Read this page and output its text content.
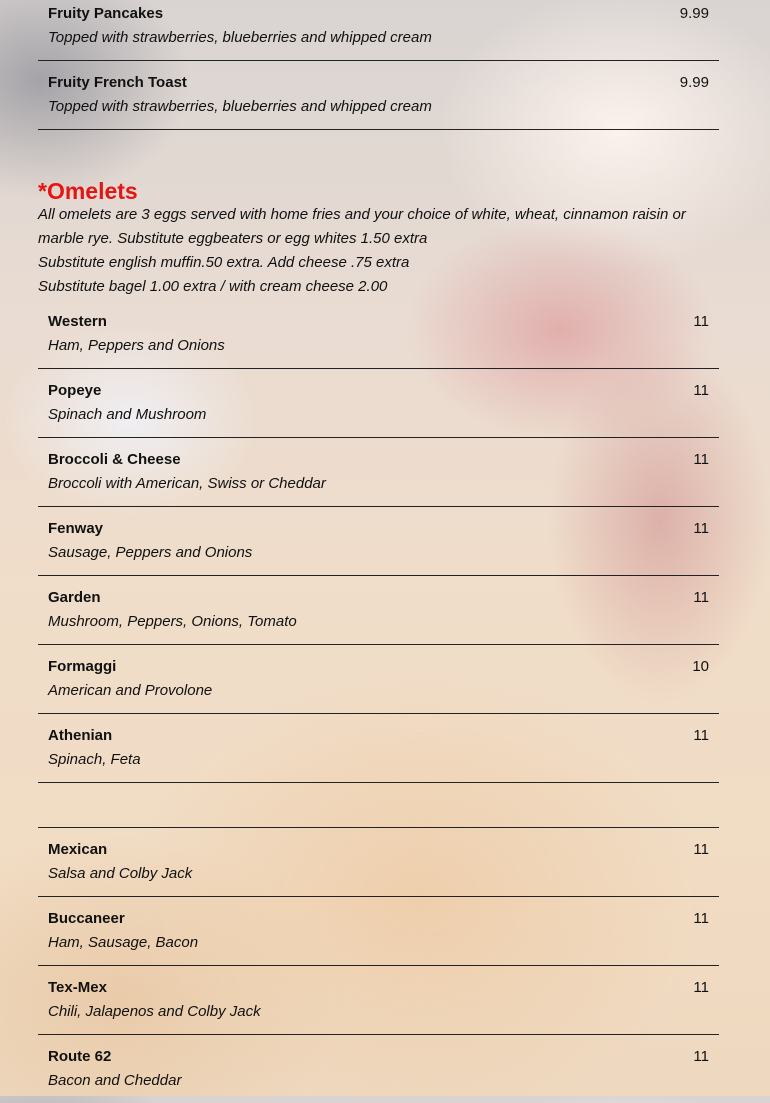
Fruity Pancakes	9.99
Topped with strawberries, blueberries and whipped cream
Fruity French Toast	9.99
Topped with strawberries, blueberries and whipped cream
*Omelets
All omelets are 3 eggs served with home fries and your choice of white, wheat, cinnamon raisin or marble rye. Substitute eggbeaters or egg whites 1.50 extra
Substitute english muffin.50 extra. Add cheese .75 extra
Substitute bagel 1.00 extra / with cream cheese 2.00
Western	11
Ham, Peppers and Onions
Popeye	11
Spinach and Mushroom
Broccoli & Cheese	11
Broccoli with American, Swiss or Cheddar
Fenway	11
Sausage, Peppers and Onions
Garden	11
Mushroom, Peppers, Onions, Tomato
Formaggi	10
American and Provolone
Athenian	11
Spinach, Feta
Mexican	11
Salsa and Colby Jack
Buccaneer	11
Ham, Sausage, Bacon
Tex-Mex	11
Chili, Jalapenos and Colby Jack
Route 62	11
Bacon and Cheddar
